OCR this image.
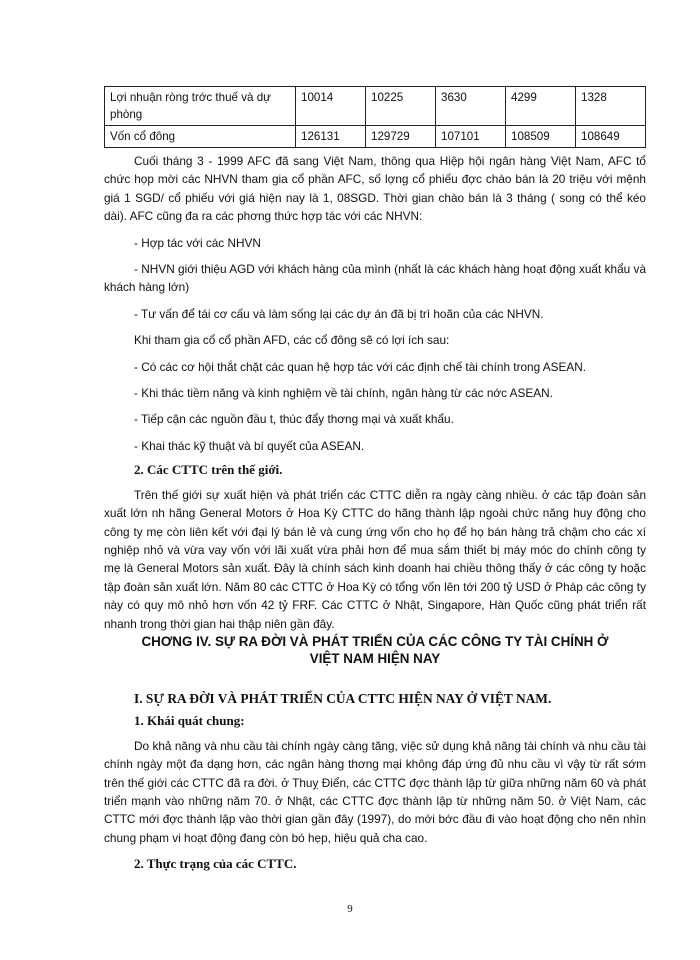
Lợi nhuận ròng trớc thuế và dự phòng	10014	10225	3630	4299	1328
Vốn cổ đông	126131	129729	107101	108509	108649

Cuối tháng 3 - 1999 AFC đã sang Việt Nam, thông qua Hiệp hội ngân hàng Việt Nam, AFC tổ chức họp mời các NHVN tham gia cổ phần AFC, số lợng cổ phiếu đợc chào bán là 20 triệu với mệnh giá 1 SGD/ cổ phiếu với giá hiện nay là 1, 08SGD. Thời gian chào bán là 3 tháng ( song có thể kéo dài). AFC cũng đa ra các phơng thức hợp tác với các NHVN:

- Hợp tác với các NHVN

- NHVN giới thiệu AGD với khách hàng của mình (nhất là các khách hàng hoạt động xuất khẩu và khách hàng lớn)

- Tư vấn để tái cơ cấu và làm sống lại các dự án đã bị trì hoãn của các NHVN.

Khi tham gia cổ cổ phần AFD, các cổ đông sẽ có lợi ích sau:

- Có các cơ hội thắt chặt các quan hệ hợp tác với các định chế tài chính trong ASEAN.

- Khi thác tiềm năng và kinh nghiệm về tài chính, ngân hàng từ các nớc ASEAN.

- Tiếp cận các nguồn đầu t, thúc đẩy thơng mại và xuất khẩu.

- Khai thác kỹ thuật và bí quyết của ASEAN.

2. Các CTTC trên thế giới.

Trên thế giới sự xuất hiện và phát triển các CTTC diễn ra ngày càng nhiều. ở các tập đoàn sản xuất lớn nh hãng General Motors ở Hoa Kỳ CTTC do hãng thành lập ngoài chức năng huy động cho công ty mẹ còn liên kết với đại lý bán lẻ và cung ứng vốn cho họ để họ bán hàng trả chậm cho các xí nghiệp nhỏ và vừa vay vốn với lãi xuất vừa phải hơn để mua sắm thiết bị máy móc do chính công ty mẹ là General Motors sản xuất. Đây là chính sách kinh doanh hai chiều thông thấy ở các công ty hoặc tập đoàn sản xuất lớn. Năm 80 các CTTC ở Hoa Kỳ có tổng vốn lên tới 200 tỷ USD ở Pháp các công ty này có quy mô nhỏ hơn vốn 42 tỷ FRF. Các CTTC ở Nhật, Singapore, Hàn Quốc cũng phát triển rất nhanh trong thời gian hai thập niên gần đây.

CHƠNG IV. SỰ RA ĐỜI VÀ PHÁT TRIỂN CỦA CÁC CÔNG TY TÀI CHÍNH Ở

VIỆT NAM HIỆN NAY

I. SỰ RA ĐỜI VÀ PHÁT TRIỂN CỦA CTTC HIỆN NAY Ở VIỆT NAM.

1. Khái quát chung:

Do khả năng và nhu cầu tài chính ngày càng tăng, việc sử dụng khả năng tài chính và nhu cầu tài chính ngày một đa dạng hơn, các ngân hàng thơng mại không đáp ứng đủ nhu cầu vì vậy từ rất sớm trên thế giới các CTTC đã ra đời. ở Thuỵ Điển, các CTTC đợc thành lập từ giữa những năm 60 và phát triển mạnh vào những năm 70. ở Nhật, các CTTC đợc thành lập từ những năm 50. ở Việt Nam, các CTTC mới đợc thành lập vào thời gian gần đây (1997), do mới bớc đầu đi vào hoạt động cho nên nhìn chung phạm vi hoạt động đang còn bó hẹp, hiệu quả cha cao.

2. Thực trạng của các CTTC.

9
